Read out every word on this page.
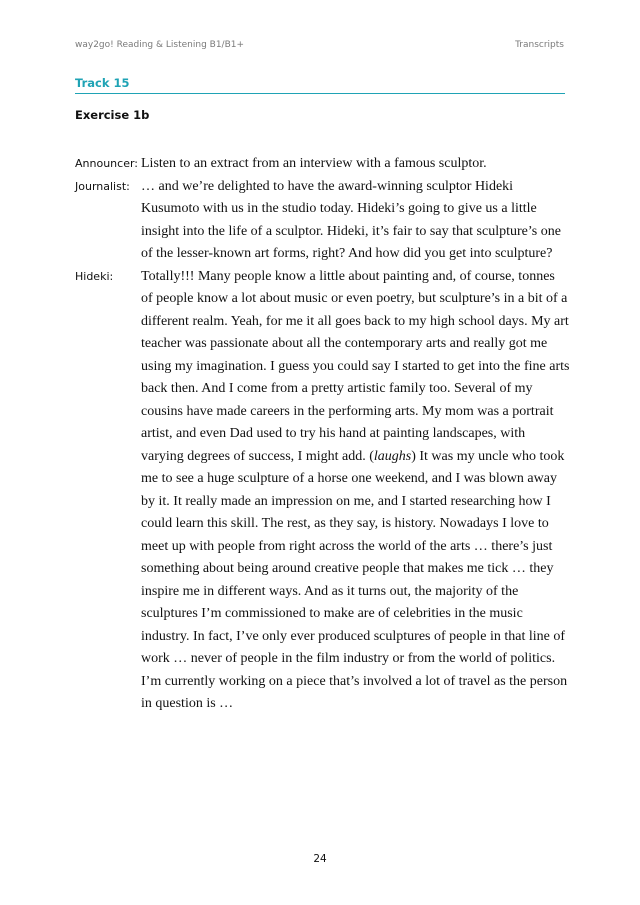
way2go! Reading & Listening B1/B1+	Transcripts
Track 15
Exercise 1b
Announcer: Listen to an extract from an interview with a famous sculptor.
Journalist: … and we’re delighted to have the award-winning sculptor Hideki Kusumoto with us in the studio today. Hideki’s going to give us a little insight into the life of a sculptor. Hideki, it’s fair to say that sculpture’s one of the lesser-known art forms, right? And how did you get into sculpture?
Hideki:	Totally!!! Many people know a little about painting and, of course, tonnes of people know a lot about music or even poetry, but sculpture’s in a bit of a different realm. Yeah, for me it all goes back to my high school days. My art teacher was passionate about all the contemporary arts and really got me using my imagination. I guess you could say I started to get into the fine arts back then. And I come from a pretty artistic family too. Several of my cousins have made careers in the performing arts. My mom was a portrait artist, and even Dad used to try his hand at painting landscapes, with varying degrees of success, I might add. (laughs) It was my uncle who took me to see a huge sculpture of a horse one weekend, and I was blown away by it. It really made an impression on me, and I started researching how I could learn this skill. The rest, as they say, is history. Nowadays I love to meet up with people from right across the world of the arts … there’s just something about being around creative people that makes me tick … they inspire me in different ways. And as it turns out, the majority of the sculptures I’m commissioned to make are of celebrities in the music industry. In fact, I’ve only ever produced sculptures of people in that line of work … never of people in the film industry or from the world of politics. I’m currently working on a piece that’s involved a lot of travel as the person in question is …
24
